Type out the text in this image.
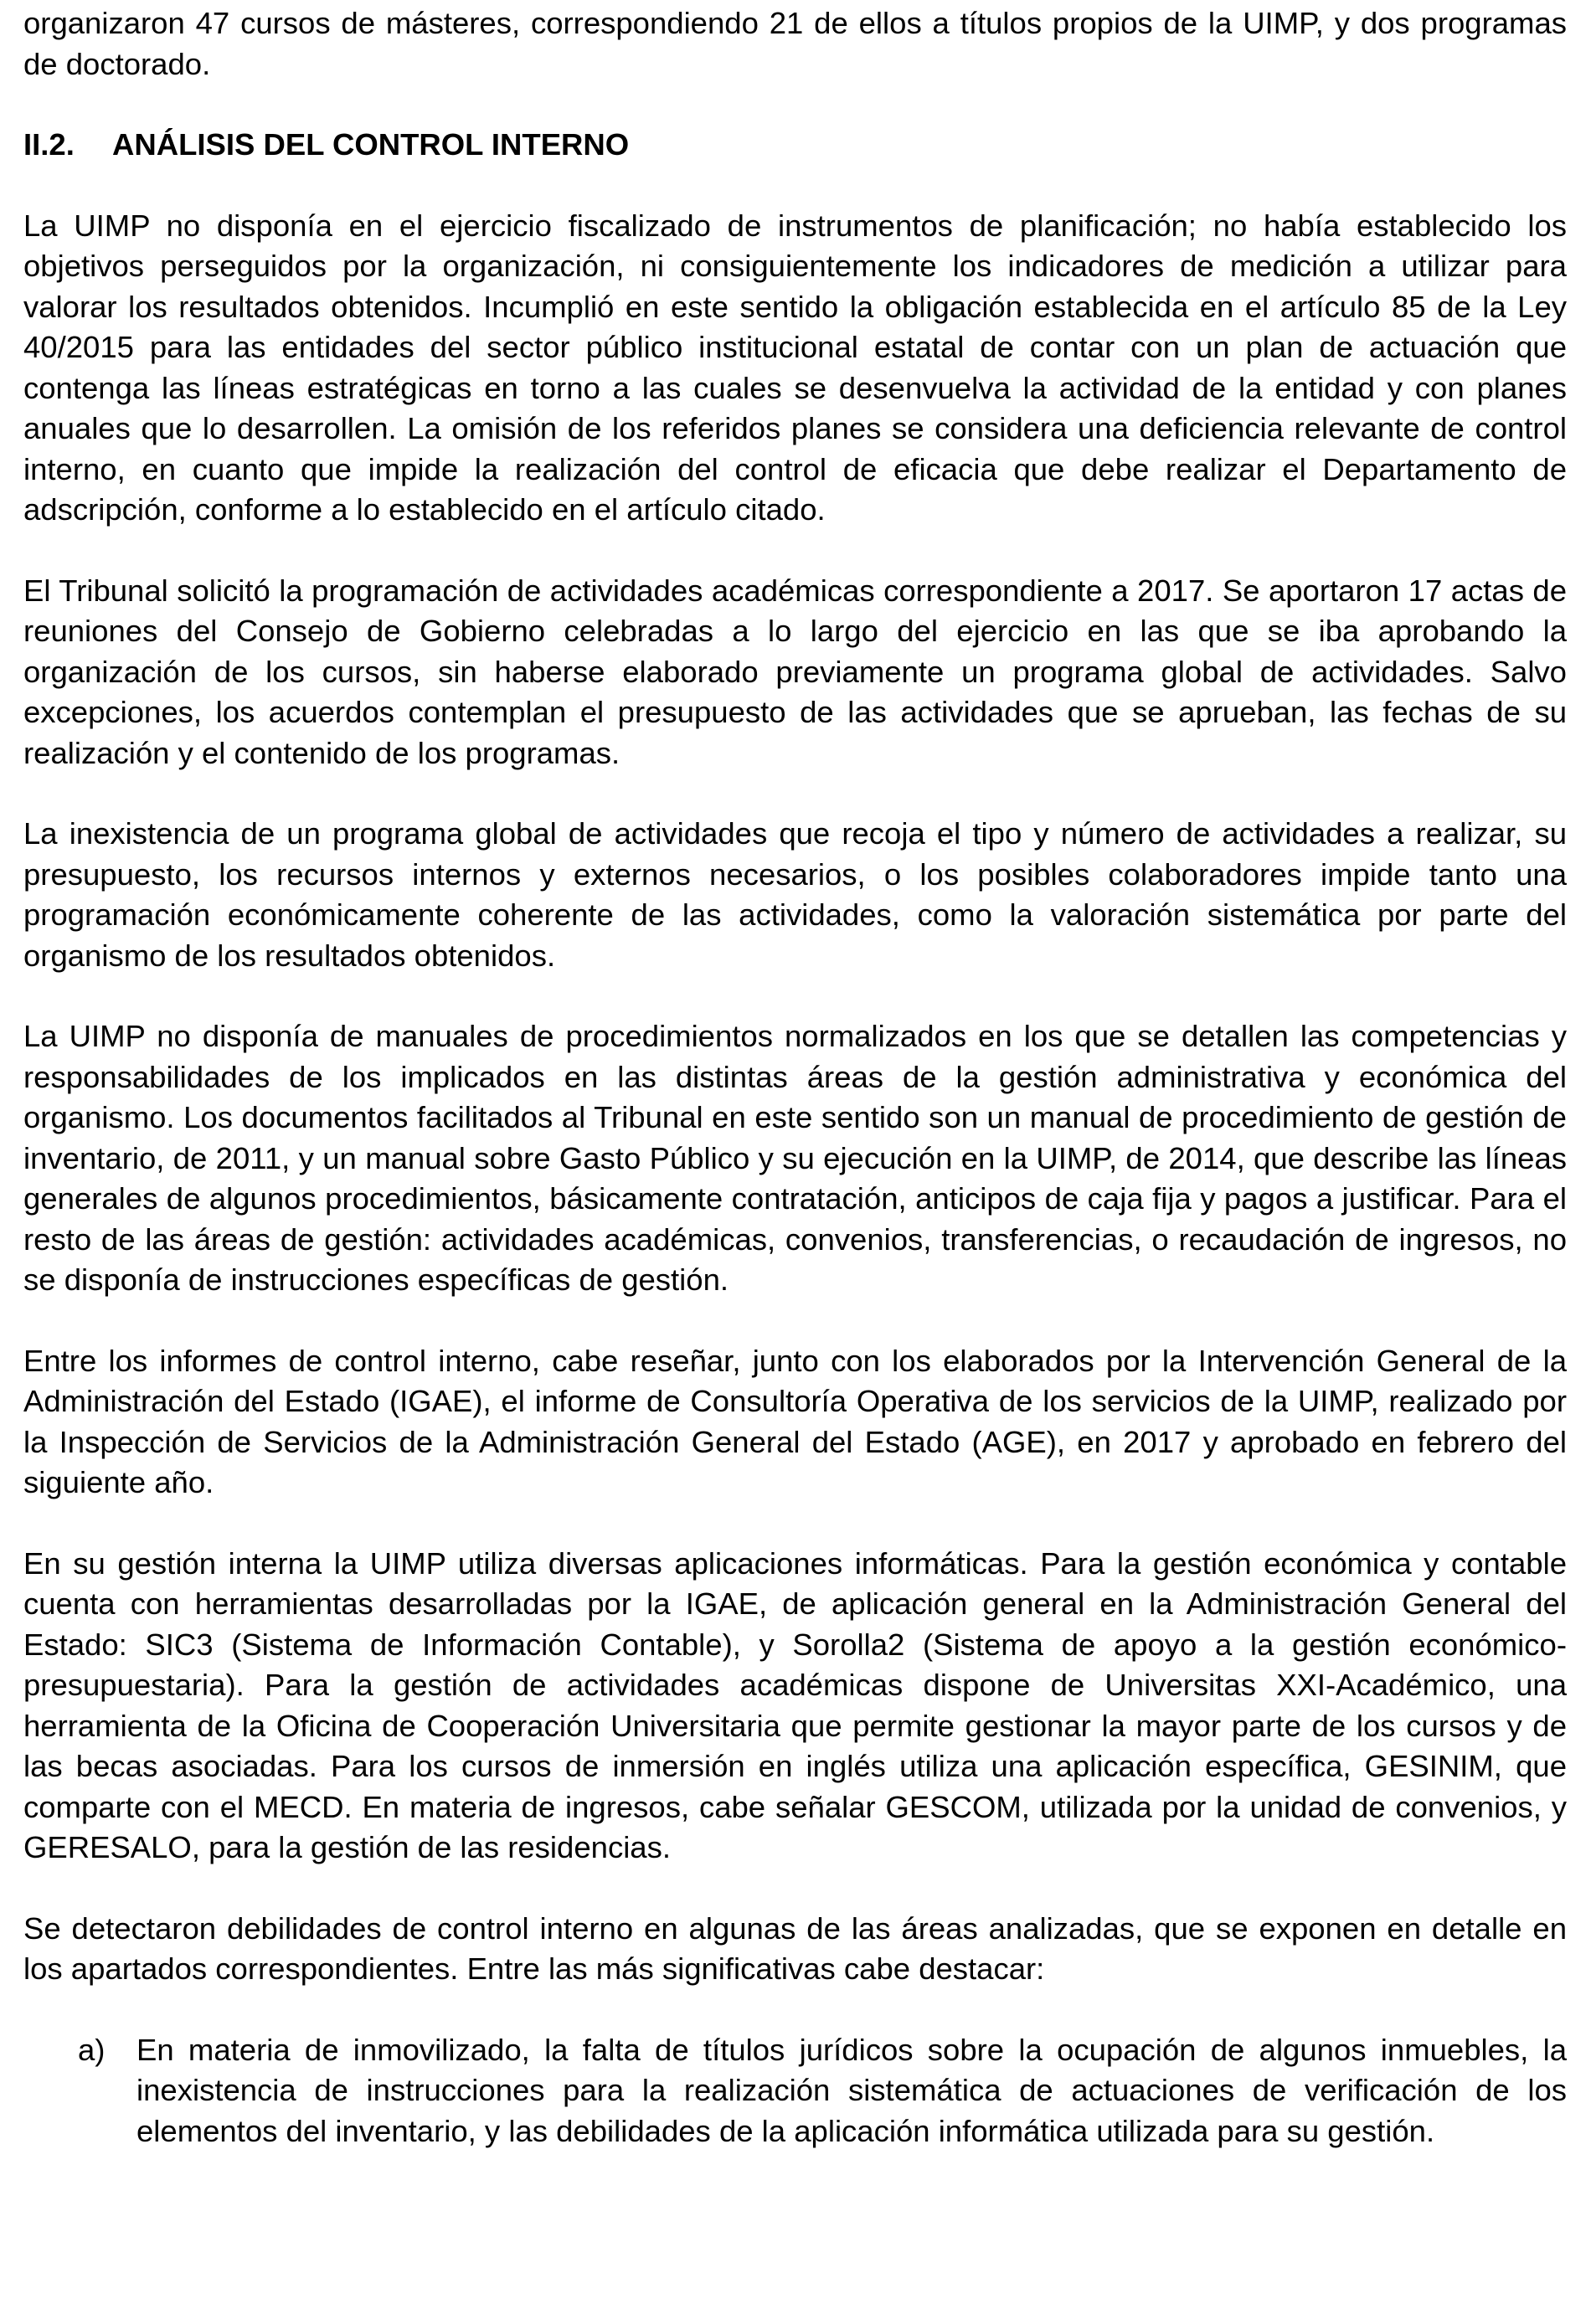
organizaron 47 cursos de másteres, correspondiendo 21 de ellos a títulos propios de la UIMP, y dos programas de doctorado.

II.2.	ANÁLISIS DEL CONTROL INTERNO

La UIMP no disponía en el ejercicio fiscalizado de instrumentos de planificación; no había establecido los objetivos perseguidos por la organización, ni consiguientemente los indicadores de medición a utilizar para valorar los resultados obtenidos. Incumplió en este sentido la obligación establecida en el artículo 85 de la Ley 40/2015 para las entidades del sector público institucional estatal de contar con un plan de actuación que contenga las líneas estratégicas en torno a las cuales se desenvuelva la actividad de la entidad y con planes anuales que lo desarrollen. La omisión de los referidos planes se considera una deficiencia relevante de control interno, en cuanto que impide la realización del control de eficacia que debe realizar el Departamento de adscripción, conforme a lo establecido en el artículo citado.

El Tribunal solicitó la programación de actividades académicas correspondiente a 2017. Se aportaron 17 actas de reuniones del Consejo de Gobierno celebradas a lo largo del ejercicio en las que se iba aprobando la organización de los cursos, sin haberse elaborado previamente un programa global de actividades. Salvo excepciones, los acuerdos contemplan el presupuesto de las actividades que se aprueban, las fechas de su realización y el contenido de los programas.

La inexistencia de un programa global de actividades que recoja el tipo y número de actividades a realizar, su presupuesto, los recursos internos y externos necesarios, o los posibles colaboradores impide tanto una programación económicamente coherente de las actividades, como la valoración sistemática por parte del organismo de los resultados obtenidos.

La UIMP no disponía de manuales de procedimientos normalizados en los que se detallen las competencias y responsabilidades de los implicados en las distintas áreas de la gestión administrativa y económica del organismo. Los documentos facilitados al Tribunal en este sentido son un manual de procedimiento de gestión de inventario, de 2011, y un manual sobre Gasto Público y su ejecución en la UIMP, de 2014, que describe las líneas generales de algunos procedimientos, básicamente contratación, anticipos de caja fija y pagos a justificar. Para el resto de las áreas de gestión: actividades académicas, convenios, transferencias, o recaudación de ingresos, no se disponía de instrucciones específicas de gestión.

Entre los informes de control interno, cabe reseñar, junto con los elaborados por la Intervención General de la Administración del Estado (IGAE), el informe de Consultoría Operativa de los servicios de la UIMP, realizado por la Inspección de Servicios de la Administración General del Estado (AGE), en 2017 y aprobado en febrero del siguiente año.

En su gestión interna la UIMP utiliza diversas aplicaciones informáticas. Para la gestión económica y contable cuenta con herramientas desarrolladas por la IGAE, de aplicación general en la Administración General del Estado: SIC3 (Sistema de Información Contable), y Sorolla2 (Sistema de apoyo a la gestión económico-presupuestaria). Para la gestión de actividades académicas dispone de Universitas XXI-Académico, una herramienta de la Oficina de Cooperación Universitaria que permite gestionar la mayor parte de los cursos y de las becas asociadas. Para los cursos de inmersión en inglés utiliza una aplicación específica, GESINIM, que comparte con el MECD. En materia de ingresos, cabe señalar GESCOM, utilizada por la unidad de convenios, y GERESALO, para la gestión de las residencias.

Se detectaron debilidades de control interno en algunas de las áreas analizadas, que se exponen en detalle en los apartados correspondientes. Entre las más significativas cabe destacar:

a)	En materia de inmovilizado, la falta de títulos jurídicos sobre la ocupación de algunos inmuebles, la inexistencia de instrucciones para la realización sistemática de actuaciones de verificación de los elementos del inventario, y las debilidades de la aplicación informática utilizada para su gestión.
